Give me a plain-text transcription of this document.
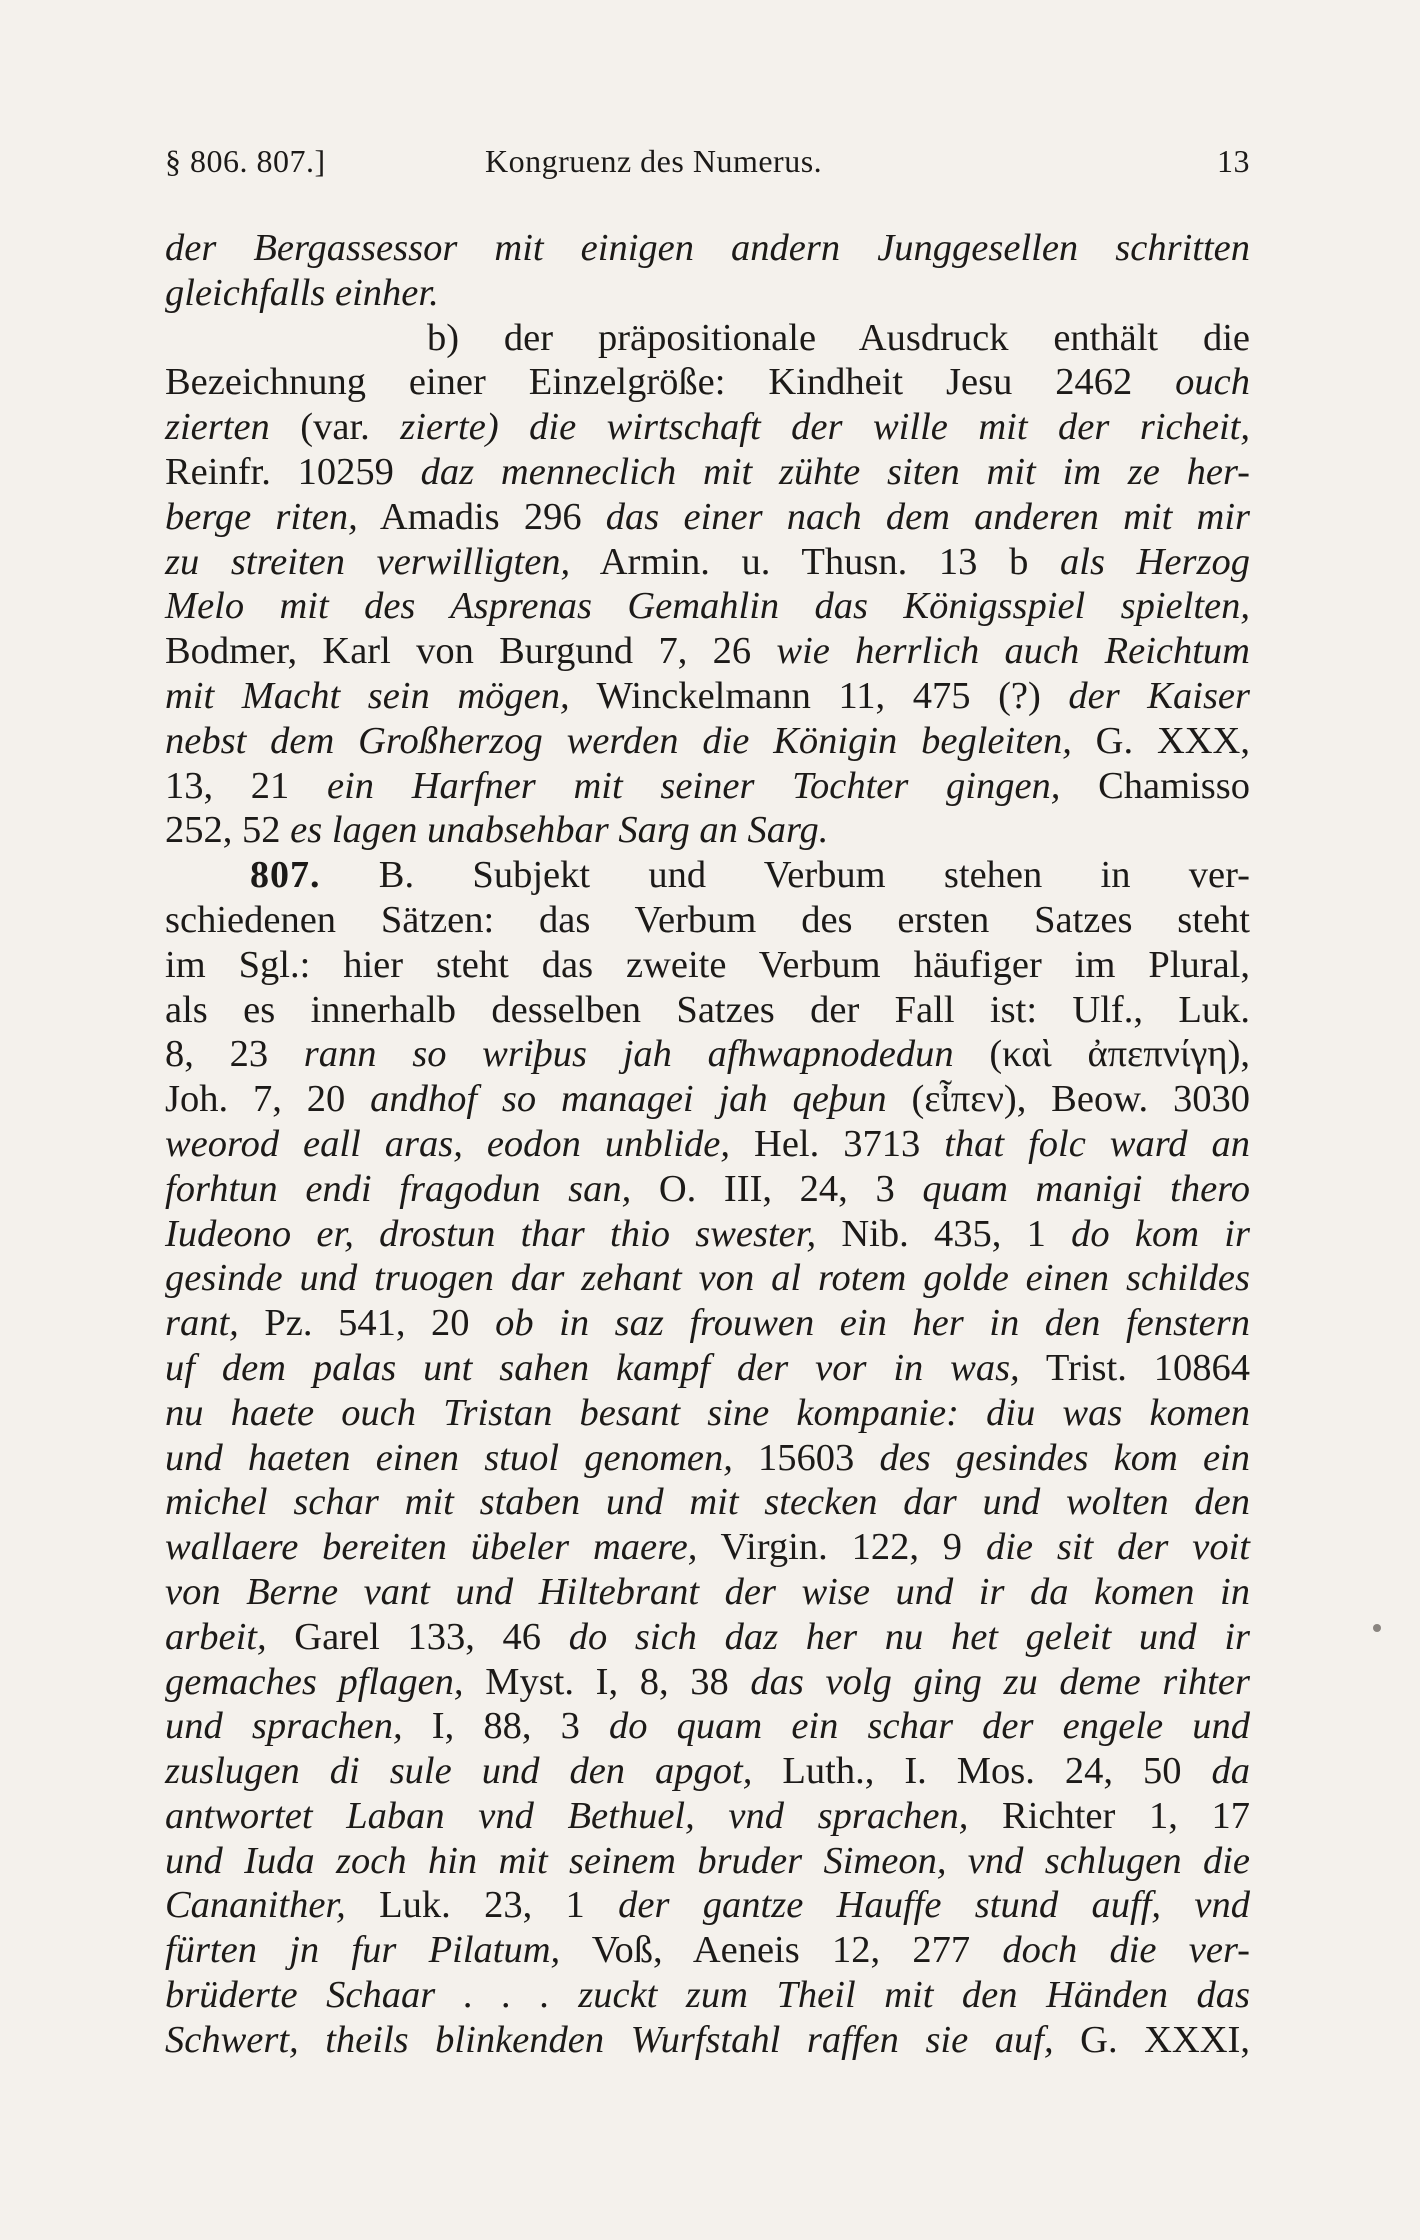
§ 806. 807.]	Kongruenz des Numerus.	13
der Bergassessor mit einigen andern Junggesellen schritten
gleichfalls einher.
b) der präpositionale Ausdruck enthält die
Bezeichnung einer Einzelgröße: Kindheit Jesu 2462 ouch
zierten (var. zierte) die wirtschaft der wille mit der richeit,
Reinfr. 10259 daz menneclich mit zühte siten mit im ze her-
berge riten, Amadis 296 das einer nach dem anderen mit mir
zu streiten verwilligten, Armin. u. Thusn. 13 b als Herzog
Melo mit des Asprenas Gemahlin das Königsspiel spielten,
Bodmer, Karl von Burgund 7, 26 wie herrlich auch Reichtum
mit Macht sein mögen, Winckelmann 11, 475 (?) der Kaiser
nebst dem Großherzog werden die Königin begleiten, G. XXX,
13, 21 ein Harfner mit seiner Tochter gingen, Chamisso
252, 52 es lagen unabsehbar Sarg an Sarg.
807. B. Subjekt und Verbum stehen in ver-
schiedenen Sätzen: das Verbum des ersten Satzes steht
im Sgl.: hier steht das zweite Verbum häufiger im Plural,
als es innerhalb desselben Satzes der Fall ist: Ulf., Luk.
8, 23 rann so wriþus jah afhwapnodedun (καὶ ἀπεπνίγη),
Joh. 7, 20 andhof so managei jah qeþun (εἶπεν), Beow. 3030
weorod eall aras, eodon unblide, Hel. 3713 that folc ward an
forhtun endi fragodun san, O. III, 24, 3 quam manigi thero
Iudeono er, drostun thar thio swester, Nib. 435, 1 do kom ir
gesinde und truogen dar zehant von al rotem golde einen schildes
rant, Pz. 541, 20 ob in saz frouwen ein her in den fenstern
uf dem palas unt sahen kampf der vor in was, Trist. 10864
nu haete ouch Tristan besant sine kompanie: diu was komen
und haeten einen stuol genomen, 15603 des gesindes kom ein
michel schar mit staben und mit stecken dar und wolten den
wallaere bereiten übeler maere, Virgin. 122, 9 die sit der voit
von Berne vant und Hiltebrant der wise und ir da komen in
arbeit, Garel 133, 46 do sich daz her nu het geleit und ir
gemaches pflagen, Myst. I, 8, 38 das volg ging zu deme rihter
und sprachen, I, 88, 3 do quam ein schar der engele und
zuslugen di sule und den apgot, Luth., I. Mos. 24, 50 da
antwortet Laban vnd Bethuel, vnd sprachen, Richter 1, 17
und Iuda zoch hin mit seinem bruder Simeon, vnd schlugen die
Cananither, Luk. 23, 1 der gantze Hauffe stund auff, vnd
fürten jn fur Pilatum, Voß, Aeneis 12, 277 doch die ver-
brüderte Schaar . . . zuckt zum Theil mit den Händen das
Schwert, theils blinkenden Wurfstahl raffen sie auf, G. XXXI,
